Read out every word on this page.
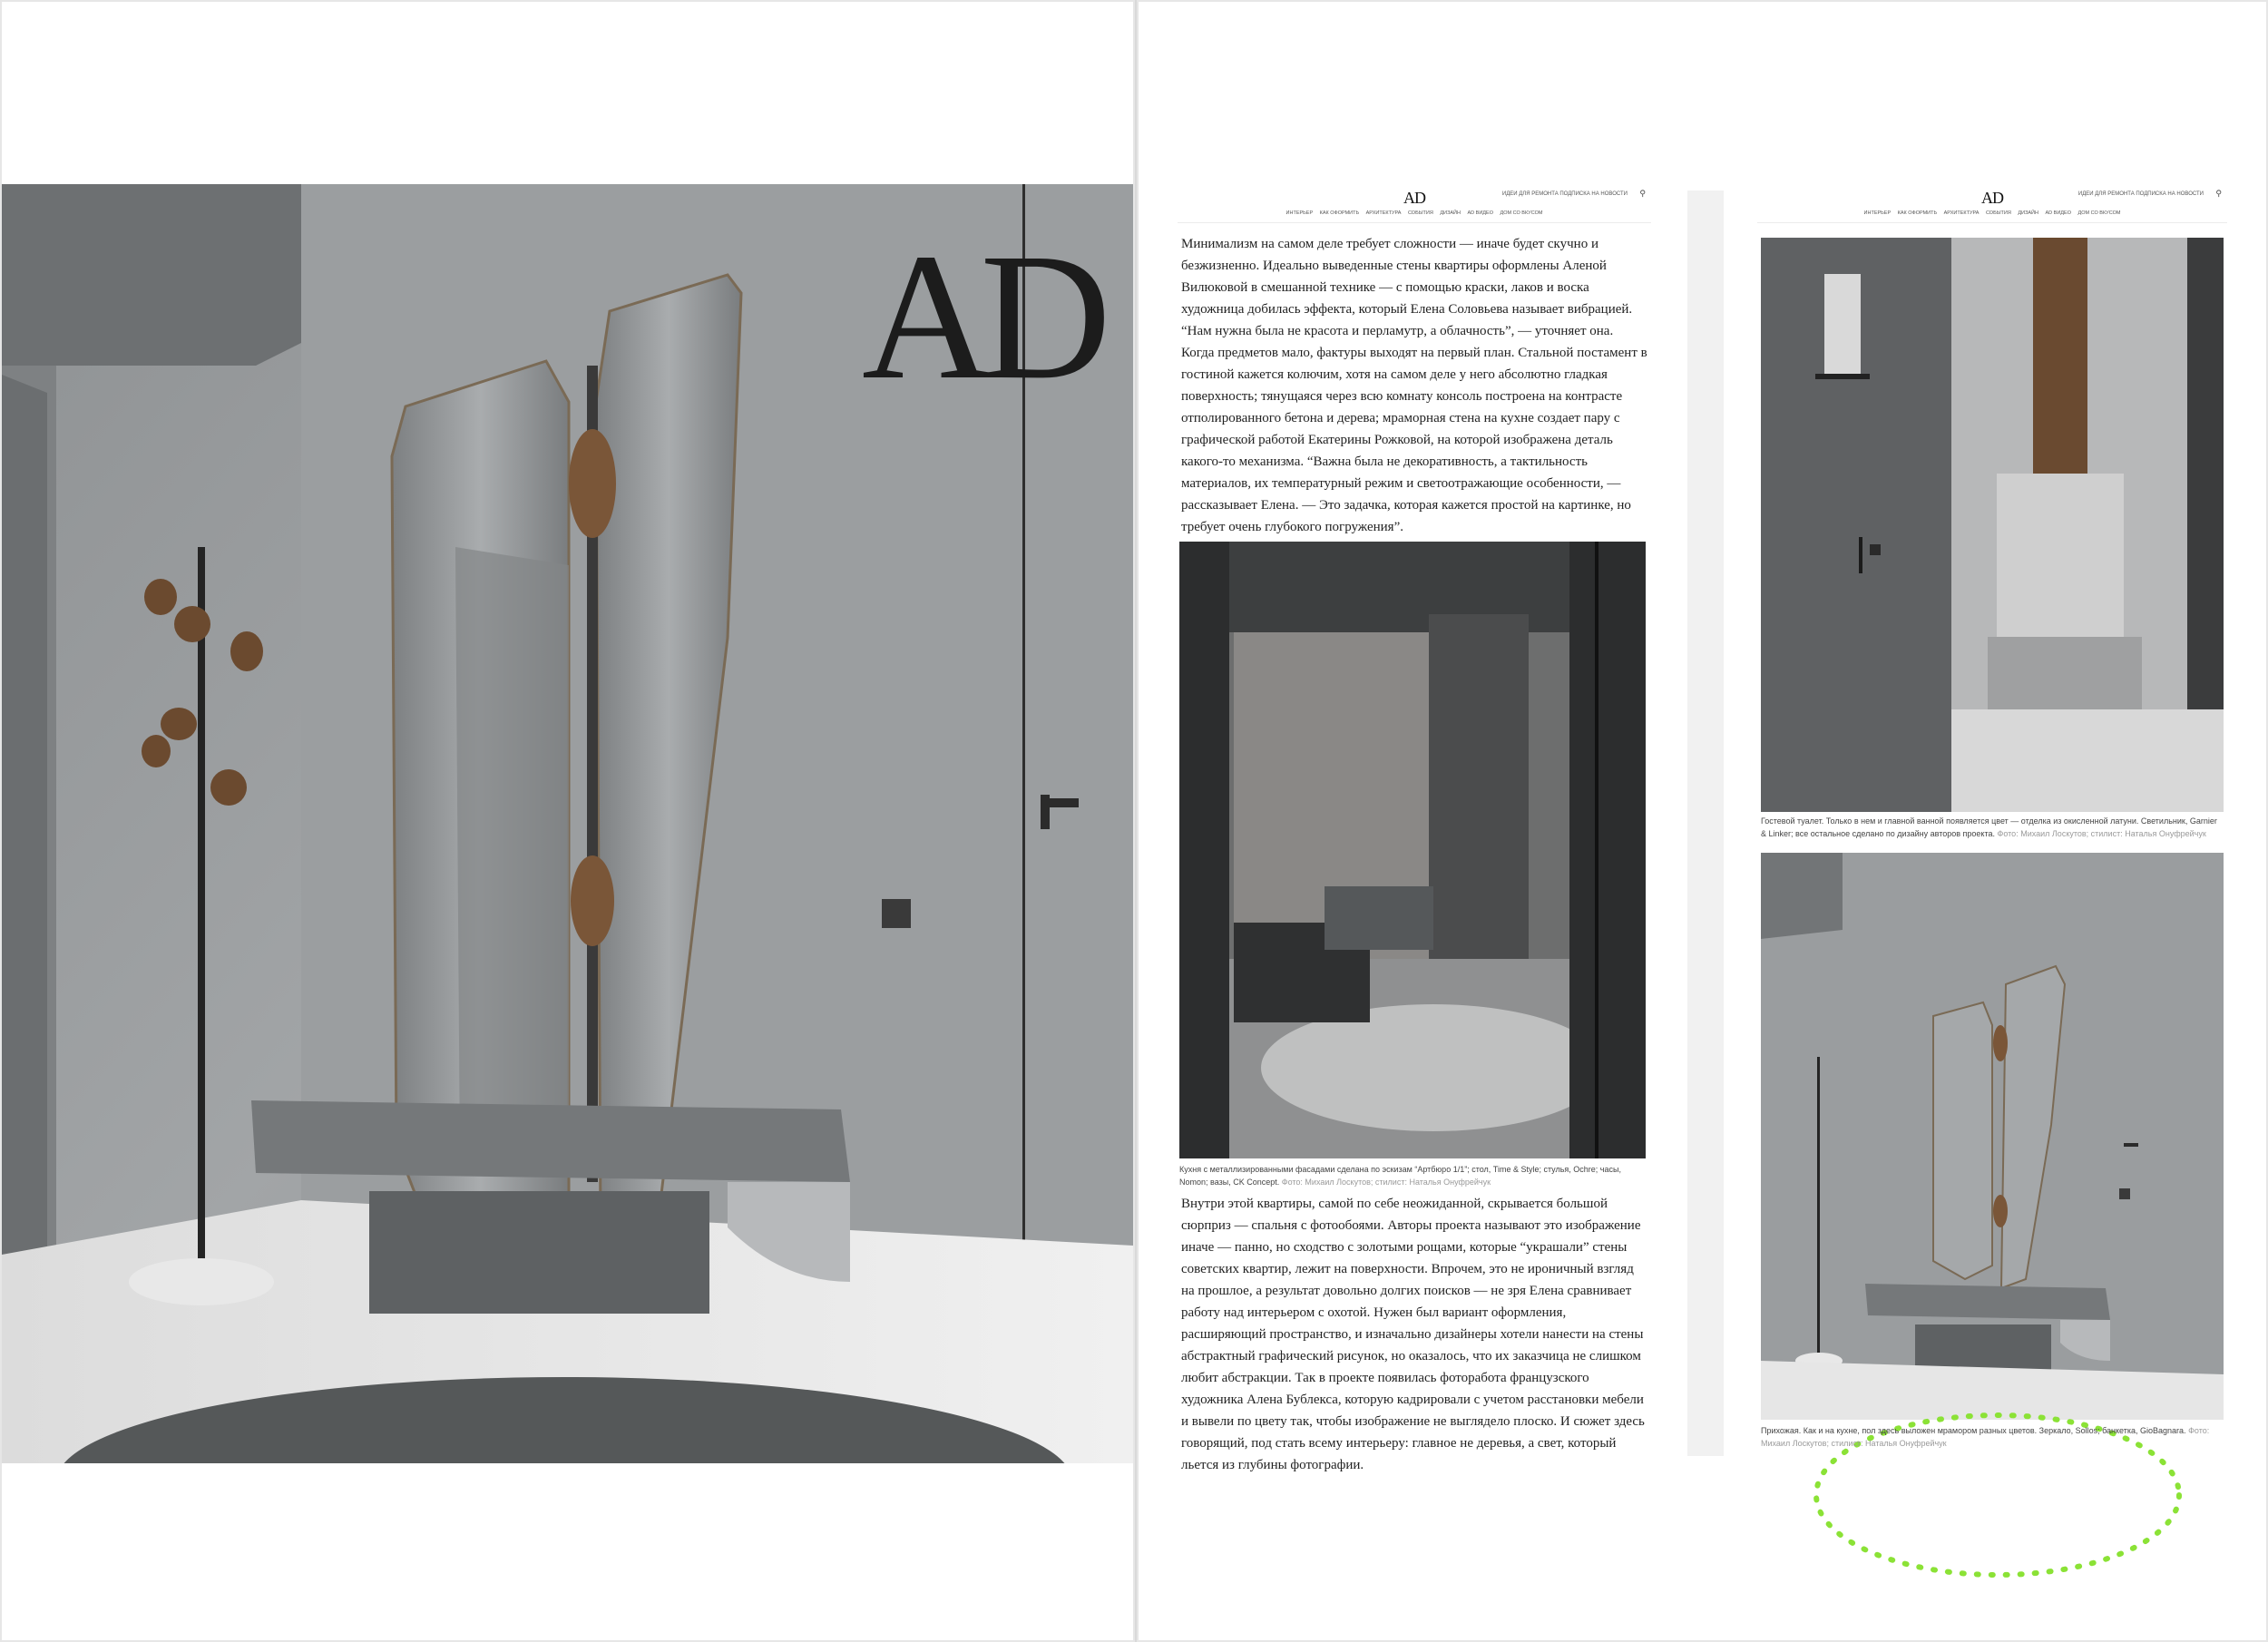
AD
AD	ИДЕИ ДЛЯ РЕМОНТА ПОДПИСКА НА НОВОСТИ ⚲
ИНТЕРЬЕР КАК ОФОРМИТЬ АРХИТЕКТУРА СОБЫТИЯ ДИЗАЙН AD ВИДЕО ДОМ СО ВКУСОМ
Минимализм на самом деле требует сложности — иначе будет скучно и безжизненно. Идеально выведенные стены квартиры оформлены Аленой Вилюковой в смешанной технике — с помощью краски, лаков и воска художница добилась эффекта, который Елена Соловьева называет вибрацией. “Нам нужна была не красота и перламутр, а облачность”, — уточняет она. Когда предметов мало, фактуры выходят на первый план. Стальной постамент в гостиной кажется колючим, хотя на самом деле у него абсолютно гладкая поверхность; тянущаяся через всю комнату консоль построена на контрасте отполированного бетона и дерева; мраморная стена на кухне создает пару с графической работой Екатерины Рожковой, на которой изображена деталь какого-то механизма. “Важна была не декоративность, а тактильность материалов, их температурный режим и светоотражающие особенности, — рассказывает Елена. — Это задачка, которая кажется простой на картинке, но требует очень глубокого погружения”.
Кухня с металлизированными фасадами сделана по эскизам “Артбюро 1/1”; стол, Time & Style; стулья, Ochre; часы, Nomon; вазы, CK Concept. Фото: Михаил Лоскутов; стилист: Наталья Онуфрейчук
Внутри этой квартиры, самой по себе неожиданной, скрывается большой сюрприз — спальня с фотообоями. Авторы проекта называют это изображение иначе — панно, но сходство с золотыми рощами, которые “украшали” стены советских квартир, лежит на поверхности. Впрочем, это не ироничный взгляд на прошлое, а результат довольно долгих поисков — не зря Елена сравнивает работу над интерьером с охотой. Нужен был вариант оформления, расширяющий пространство, и изначально дизайнеры хотели нанести на стены абстрактный графический рисунок, но оказалось, что их заказчица не слишком любит абстракции. Так в проекте появилась фоторабота французского художника Алена Бублекса, которую кадрировали с учетом расстановки мебели и вывели по цвету так, чтобы изображение не выглядело плоско. И сюжет здесь говорящий, под стать всему интерьеру: главное не деревья, а свет, который льется из глубины фотографии.
AD	ИДЕИ ДЛЯ РЕМОНТА ПОДПИСКА НА НОВОСТИ ⚲
ИНТЕРЬЕР КАК ОФОРМИТЬ АРХИТЕКТУРА СОБЫТИЯ ДИЗАЙН AD ВИДЕО ДОМ СО ВКУСОМ
Гостевой туалет. Только в нем и главной ванной появляется цвет — отделка из окисленной латуни. Светильник, Garnier & Linker; все остальное сделано по дизайну авторов проекта. Фото: Михаил Лоскутов; стилист: Наталья Онуфрейчук
Прихожая. Как и на кухне, пол здесь выложен мрамором разных цветов. Зеркало, Sollos; банкетка, GioBagnara. Фото: Михаил Лоскутов; стилист: Наталья Онуфрейчук
